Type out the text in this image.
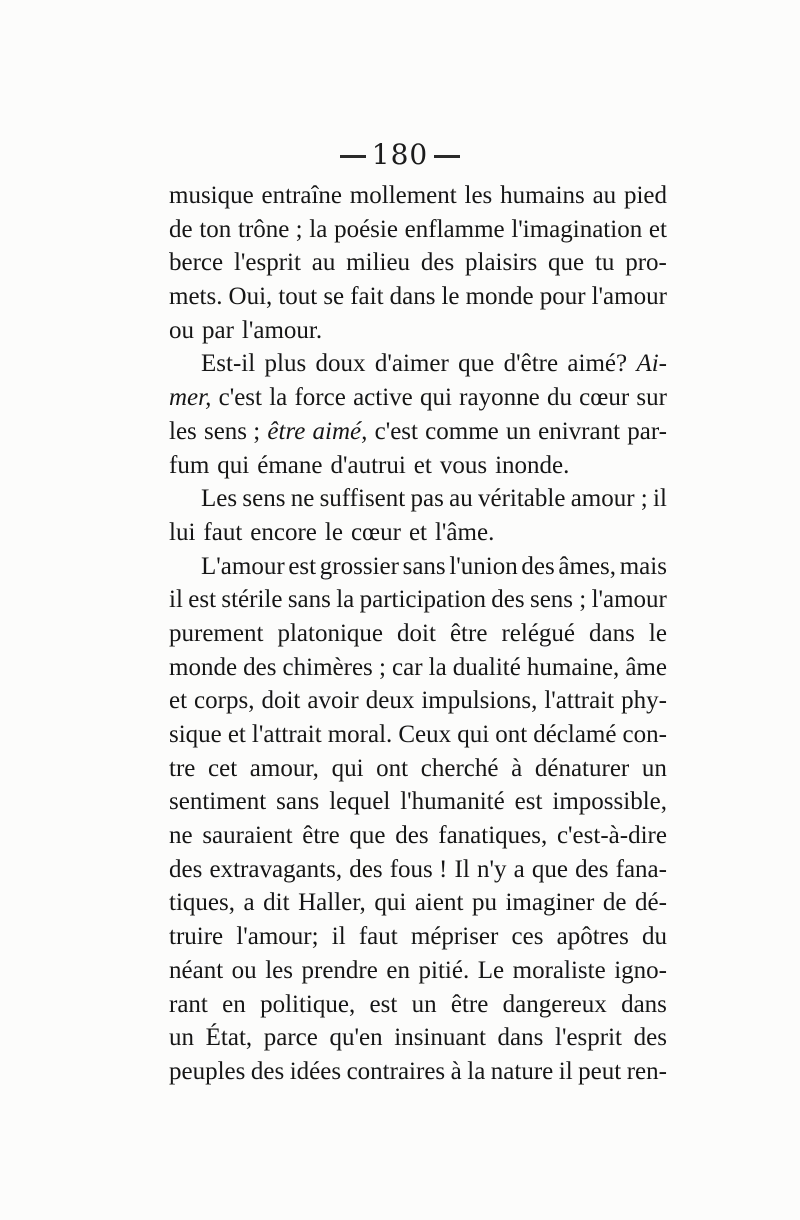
180
musique entraîne mollement les humains au pied
de ton trône ; la poésie enflamme l'imagination et
berce l'esprit au milieu des plaisirs que tu pro-
mets. Oui, tout se fait dans le monde pour l'amour
ou par l'amour.
Est-il plus doux d'aimer que d'être aimé? Ai-
mer, c'est la force active qui rayonne du cœur sur
les sens ; être aimé, c'est comme un enivrant par-
fum qui émane d'autrui et vous inonde.
Les sens ne suffisent pas au véritable amour ; il
lui faut encore le cœur et l'âme.
L'amour est grossier sans l'union des âmes, mais
il est stérile sans la participation des sens ; l'amour
purement platonique doit être relégué dans le
monde des chimères ; car la dualité humaine, âme
et corps, doit avoir deux impulsions, l'attrait phy-
sique et l'attrait moral. Ceux qui ont déclamé con-
tre cet amour, qui ont cherché à dénaturer un
sentiment sans lequel l'humanité est impossible,
ne sauraient être que des fanatiques, c'est-à-dire
des extravagants, des fous ! Il n'y a que des fana-
tiques, a dit Haller, qui aient pu imaginer de dé-
truire l'amour; il faut mépriser ces apôtres du
néant ou les prendre en pitié. Le moraliste igno-
rant en politique, est un être dangereux dans
un État, parce qu'en insinuant dans l'esprit des
peuples des idées contraires à la nature il peut ren-
